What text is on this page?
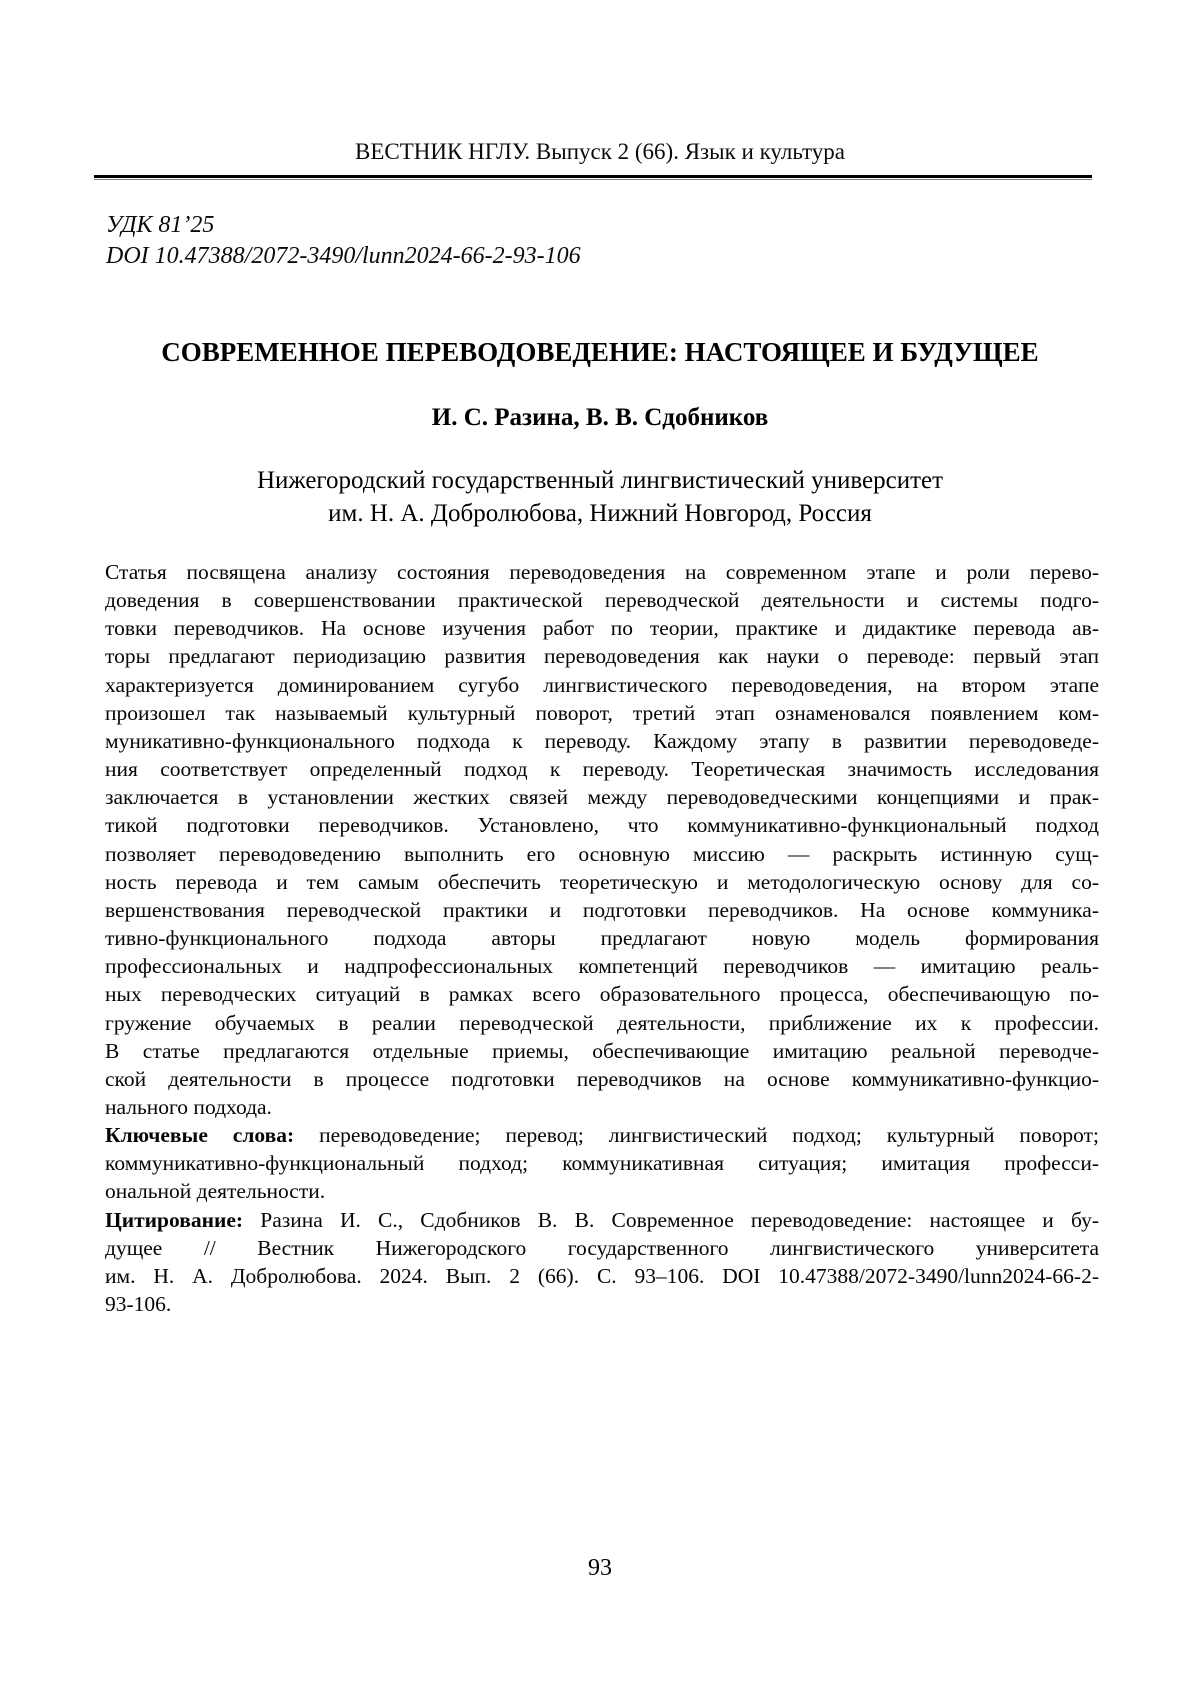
ВЕСТНИК НГЛУ. Выпуск 2 (66). Язык и культура
УДК 81’25
DOI 10.47388/2072-3490/lunn2024-66-2-93-106
СОВРЕМЕННОЕ ПЕРЕВОДОВЕДЕНИЕ: НАСТОЯЩЕЕ И БУДУЩЕЕ
И. С. Разина, В. В. Сдобников
Нижегородский государственный лингвистический университет
им. Н. А. Добролюбова, Нижний Новгород, Россия
Статья посвящена анализу состояния переводоведения на современном этапе и роли перево-
доведения в совершенствовании практической переводческой деятельности и системы подго-
товки переводчиков. На основе изучения работ по теории, практике и дидактике перевода ав-
торы предлагают периодизацию развития переводоведения как науки о переводе: первый этап
характеризуется доминированием сугубо лингвистического переводоведения, на втором этапе
произошел так называемый культурный поворот, третий этап ознаменовался появлением ком-
муникативно-функционального подхода к переводу. Каждому этапу в развитии переводоведе-
ния соответствует определенный подход к переводу. Теоретическая значимость исследования
заключается в установлении жестких связей между переводоведческими концепциями и прак-
тикой подготовки переводчиков. Установлено, что коммуникативно-функциональный подход
позволяет переводоведению выполнить его основную миссию — раскрыть истинную сущ-
ность перевода и тем самым обеспечить теоретическую и методологическую основу для со-
вершенствования переводческой практики и подготовки переводчиков. На основе коммуника-
тивно-функционального подхода авторы предлагают новую модель формирования
профессиональных и надпрофессиональных компетенций переводчиков — имитацию реаль-
ных переводческих ситуаций в рамках всего образовательного процесса, обеспечивающую по-
гружение обучаемых в реалии переводческой деятельности, приближение их к профессии.
В статье предлагаются отдельные приемы, обеспечивающие имитацию реальной переводче-
ской деятельности в процессе подготовки переводчиков на основе коммуникативно-функцио-
нального подхода.
Ключевые слова: переводоведение; перевод; лингвистический подход; культурный поворот;
коммуникативно-функциональный подход; коммуникативная ситуация; имитация професси-
ональной деятельности.
Цитирование: Разина И. С., Сдобников В. В. Современное переводоведение: настоящее и бу-
дущее // Вестник Нижегородского государственного лингвистического университета
им. Н. А. Добролюбова. 2024. Вып. 2 (66). С. 93–106. DOI 10.47388/2072-3490/lunn2024-66-2-
93-106.
93
